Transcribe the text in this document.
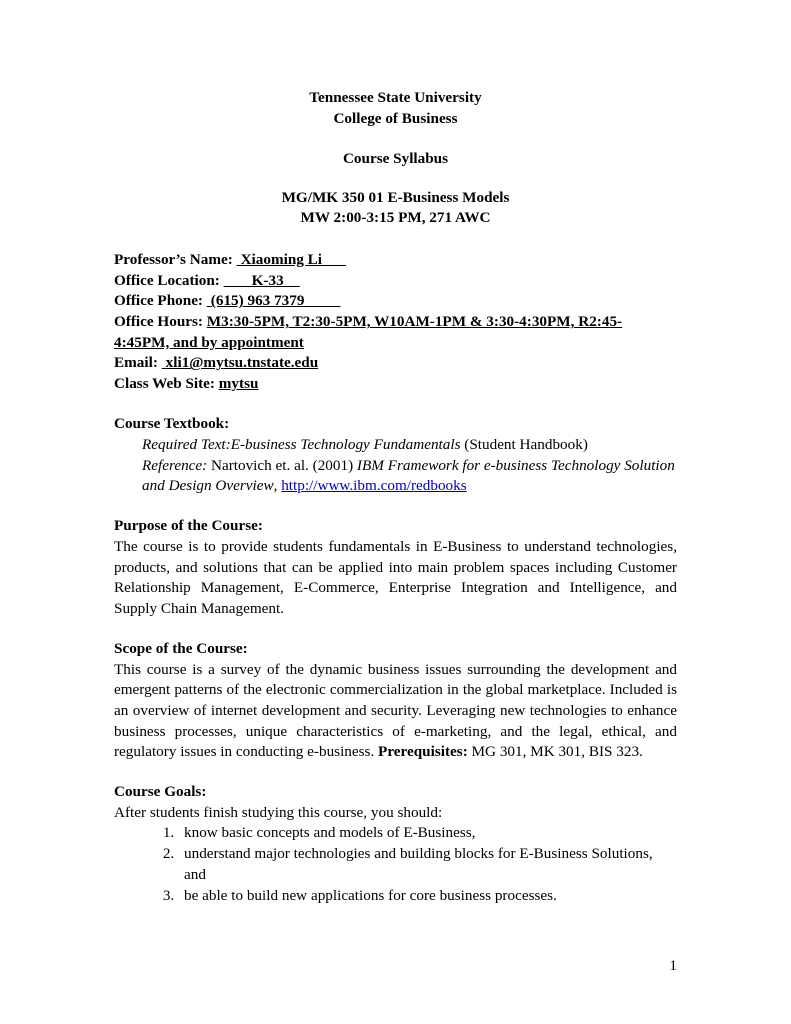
Tennessee State University
College of Business
Course Syllabus
MG/MK 350 01 E-Business Models
MW 2:00-3:15 PM, 271 AWC
Professor’s Name: Xiaoming Li
Office Location: K-33
Office Phone: (615) 963 7379
Office Hours: M3:30-5PM, T2:30-5PM, W10AM-1PM & 3:30-4:30PM, R2:45-4:45PM, and by appointment
Email: xli1@mytsu.tnstate.edu
Class Web Site: mytsu
Course Textbook:
Required Text:E-business Technology Fundamentals (Student Handbook)
Reference: Nartovich et. al. (2001) IBM Framework for e-business Technology Solution and Design Overview, http://www.ibm.com/redbooks
Purpose of the Course:

The course is to provide students fundamentals in E-Business to understand technologies, products, and solutions that can be applied into main problem spaces including Customer Relationship Management, E-Commerce, Enterprise Integration and Intelligence, and Supply Chain Management.

Scope of the Course:

This course is a survey of the dynamic business issues surrounding the development and emergent patterns of the electronic commercialization in the global marketplace. Included is an overview of internet development and security. Leveraging new technologies to enhance business processes, unique characteristics of e-marketing, and the legal, ethical, and regulatory issues in conducting e-business. Prerequisites: MG 301, MK 301, BIS 323.

Course Goals:
After students finish studying this course, you should:
1. know basic concepts and models of E-Business,
2. understand major technologies and building blocks for E-Business Solutions, and
3. be able to build new applications for core business processes.
1
